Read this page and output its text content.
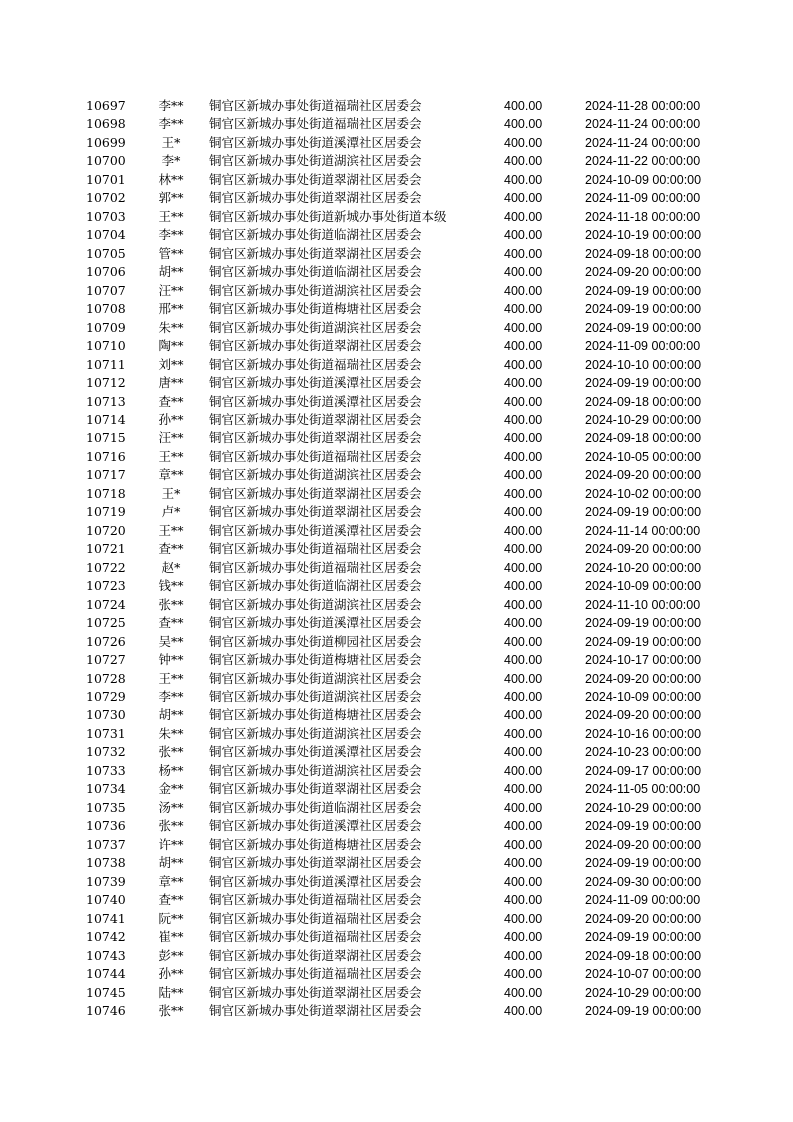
10697	李** 铜官区新城办事处街道福瑞社区居委会	400.00	2024-11-28 00:00:00
10698	李** 铜官区新城办事处街道福瑞社区居委会	400.00	2024-11-24 00:00:00
10699	王*	铜官区新城办事处街道溪潭社区居委会	400.00	2024-11-24 00:00:00
10700	李*	铜官区新城办事处街道湖滨社区居委会	400.00	2024-11-22 00:00:00
10701	林** 铜官区新城办事处街道翠湖社区居委会	400.00	2024-10-09 00:00:00
10702	郭** 铜官区新城办事处街道翠湖社区居委会	400.00	2024-11-09 00:00:00
10703	王** 铜官区新城办事处街道新城办事处街道本级	400.00	2024-11-18 00:00:00
10704	李** 铜官区新城办事处街道临湖社区居委会	400.00	2024-10-19 00:00:00
10705	管** 铜官区新城办事处街道翠湖社区居委会	400.00	2024-09-18 00:00:00
10706	胡** 铜官区新城办事处街道临湖社区居委会	400.00	2024-09-20 00:00:00
10707	汪** 铜官区新城办事处街道湖滨社区居委会	400.00	2024-09-19 00:00:00
10708	邢** 铜官区新城办事处街道梅塘社区居委会	400.00	2024-09-19 00:00:00
10709	朱** 铜官区新城办事处街道湖滨社区居委会	400.00	2024-09-19 00:00:00
10710	陶** 铜官区新城办事处街道翠湖社区居委会	400.00	2024-11-09 00:00:00
10711	刘** 铜官区新城办事处街道福瑞社区居委会	400.00	2024-10-10 00:00:00
10712	唐** 铜官区新城办事处街道溪潭社区居委会	400.00	2024-09-19 00:00:00
10713	查** 铜官区新城办事处街道溪潭社区居委会	400.00	2024-09-18 00:00:00
10714	孙** 铜官区新城办事处街道翠湖社区居委会	400.00	2024-10-29 00:00:00
10715	汪** 铜官区新城办事处街道翠湖社区居委会	400.00	2024-09-18 00:00:00
10716	王** 铜官区新城办事处街道福瑞社区居委会	400.00	2024-10-05 00:00:00
10717	章** 铜官区新城办事处街道湖滨社区居委会	400.00	2024-09-20 00:00:00
10718	王*	铜官区新城办事处街道翠湖社区居委会	400.00	2024-10-02 00:00:00
10719	卢*	铜官区新城办事处街道翠湖社区居委会	400.00	2024-09-19 00:00:00
10720	王** 铜官区新城办事处街道溪潭社区居委会	400.00	2024-11-14 00:00:00
10721	查** 铜官区新城办事处街道福瑞社区居委会	400.00	2024-09-20 00:00:00
10722	赵*	铜官区新城办事处街道福瑞社区居委会	400.00	2024-10-20 00:00:00
10723	钱** 铜官区新城办事处街道临湖社区居委会	400.00	2024-10-09 00:00:00
10724	张** 铜官区新城办事处街道湖滨社区居委会	400.00	2024-11-10 00:00:00
10725	查** 铜官区新城办事处街道溪潭社区居委会	400.00	2024-09-19 00:00:00
10726	吴** 铜官区新城办事处街道柳园社区居委会	400.00	2024-09-19 00:00:00
10727	钟** 铜官区新城办事处街道梅塘社区居委会	400.00	2024-10-17 00:00:00
10728	王** 铜官区新城办事处街道湖滨社区居委会	400.00	2024-09-20 00:00:00
10729	李** 铜官区新城办事处街道湖滨社区居委会	400.00	2024-10-09 00:00:00
10730	胡** 铜官区新城办事处街道梅塘社区居委会	400.00	2024-09-20 00:00:00
10731	朱** 铜官区新城办事处街道湖滨社区居委会	400.00	2024-10-16 00:00:00
10732	张** 铜官区新城办事处街道溪潭社区居委会	400.00	2024-10-23 00:00:00
10733	杨** 铜官区新城办事处街道湖滨社区居委会	400.00	2024-09-17 00:00:00
10734	金** 铜官区新城办事处街道翠湖社区居委会	400.00	2024-11-05 00:00:00
10735	汤** 铜官区新城办事处街道临湖社区居委会	400.00	2024-10-29 00:00:00
10736	张** 铜官区新城办事处街道溪潭社区居委会	400.00	2024-09-19 00:00:00
10737	许** 铜官区新城办事处街道梅塘社区居委会	400.00	2024-09-20 00:00:00
10738	胡** 铜官区新城办事处街道翠湖社区居委会	400.00	2024-09-19 00:00:00
10739	章** 铜官区新城办事处街道溪潭社区居委会	400.00	2024-09-30 00:00:00
10740	查** 铜官区新城办事处街道福瑞社区居委会	400.00	2024-11-09 00:00:00
10741	阮** 铜官区新城办事处街道福瑞社区居委会	400.00	2024-09-20 00:00:00
10742	崔** 铜官区新城办事处街道福瑞社区居委会	400.00	2024-09-19 00:00:00
10743	彭** 铜官区新城办事处街道翠湖社区居委会	400.00	2024-09-18 00:00:00
10744	孙** 铜官区新城办事处街道福瑞社区居委会	400.00	2024-10-07 00:00:00
10745	陆** 铜官区新城办事处街道翠湖社区居委会	400.00	2024-10-29 00:00:00
10746	张** 铜官区新城办事处街道翠湖社区居委会	400.00	2024-09-19 00:00:00
